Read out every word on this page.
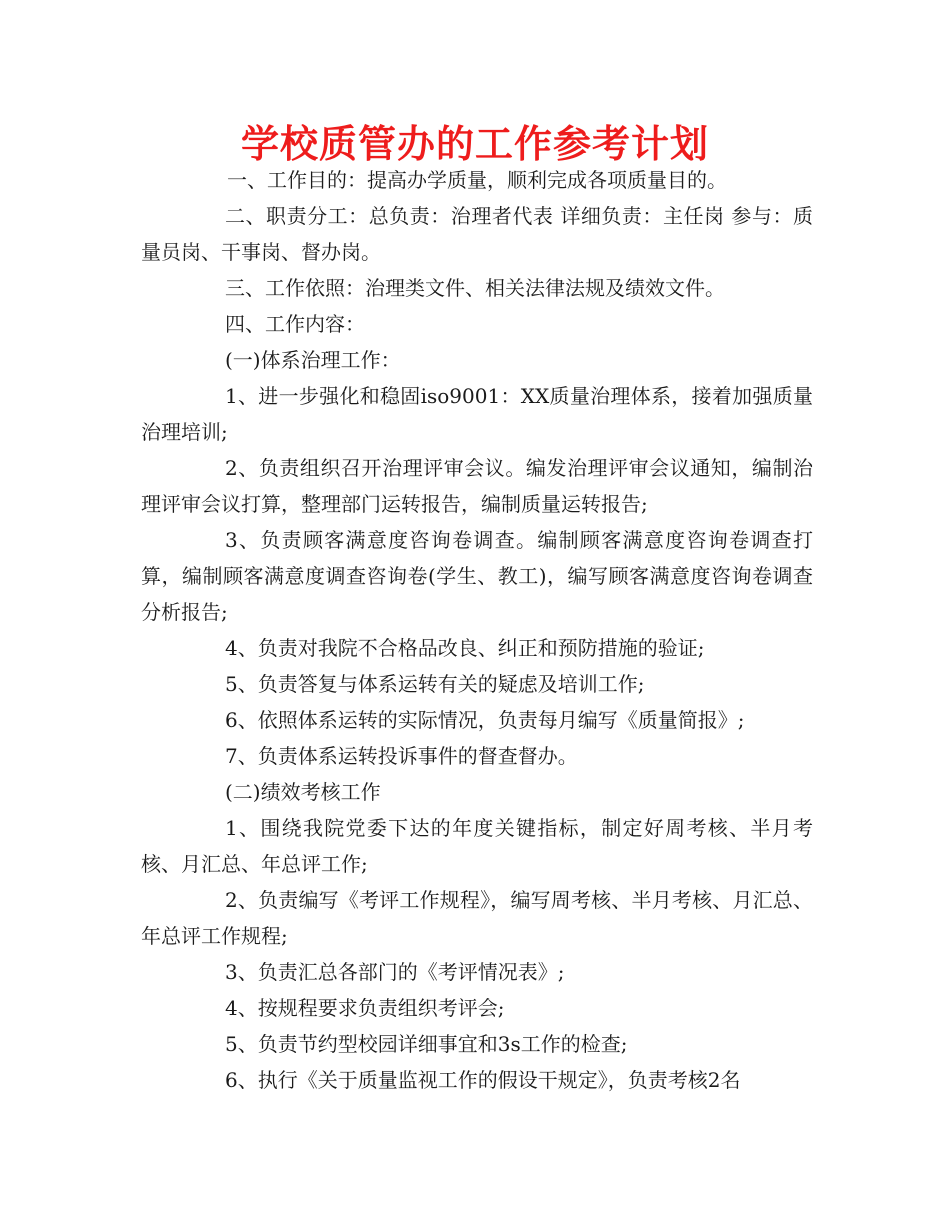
学校质管办的工作参考计划

一、工作目的：提高办学质量，顺利完成各项质量目的。

二、职责分工：总负责：治理者代表 详细负责：主任岗 参与：质量员岗、干事岗、督办岗。

三、工作依照：治理类文件、相关法律法规及绩效文件。

四、工作内容：

(一)体系治理工作：

1、进一步强化和稳固iso9001：XX质量治理体系，接着加强质量治理培训;

2、负责组织召开治理评审会议。编发治理评审会议通知，编制治理评审会议打算，整理部门运转报告，编制质量运转报告;

3、负责顾客满意度咨询卷调查。编制顾客满意度咨询卷调查打算，编制顾客满意度调查咨询卷(学生、教工)，编写顾客满意度咨询卷调查分析报告;

4、负责对我院不合格品改良、纠正和预防措施的验证;

5、负责答复与体系运转有关的疑虑及培训工作;

6、依照体系运转的实际情况，负责每月编写《质量简报》;

7、负责体系运转投诉事件的督查督办。

(二)绩效考核工作

1、围绕我院党委下达的年度关键指标，制定好周考核、半月考核、月汇总、年总评工作;

2、负责编写《考评工作规程》，编写周考核、半月考核、月汇总、年总评工作规程;

3、负责汇总各部门的《考评情况表》;

4、按规程要求负责组织考评会;

5、负责节约型校园详细事宜和3s工作的检查;

6、执行《关于质量监视工作的假设干规定》，负责考核2名
